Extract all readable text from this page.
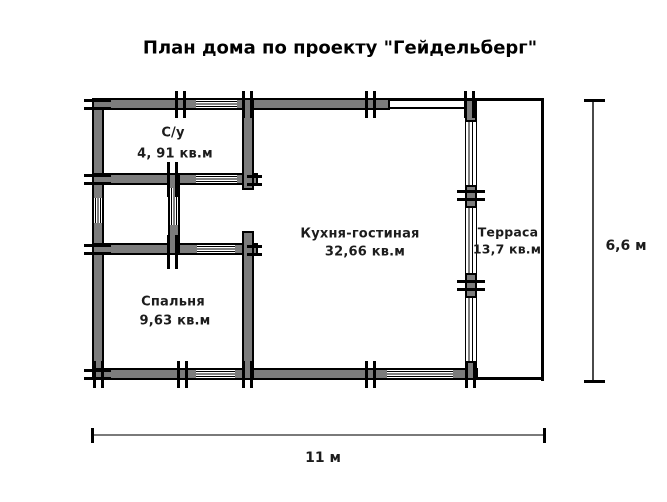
План дома по проекту "Гейдельберг"
С/у
4, 91 кв.м
Спальня
9,63 кв.м
Кухня-гостиная
32,66 кв.м
Терраса
13,7 кв.м	6,6 м
11 м
